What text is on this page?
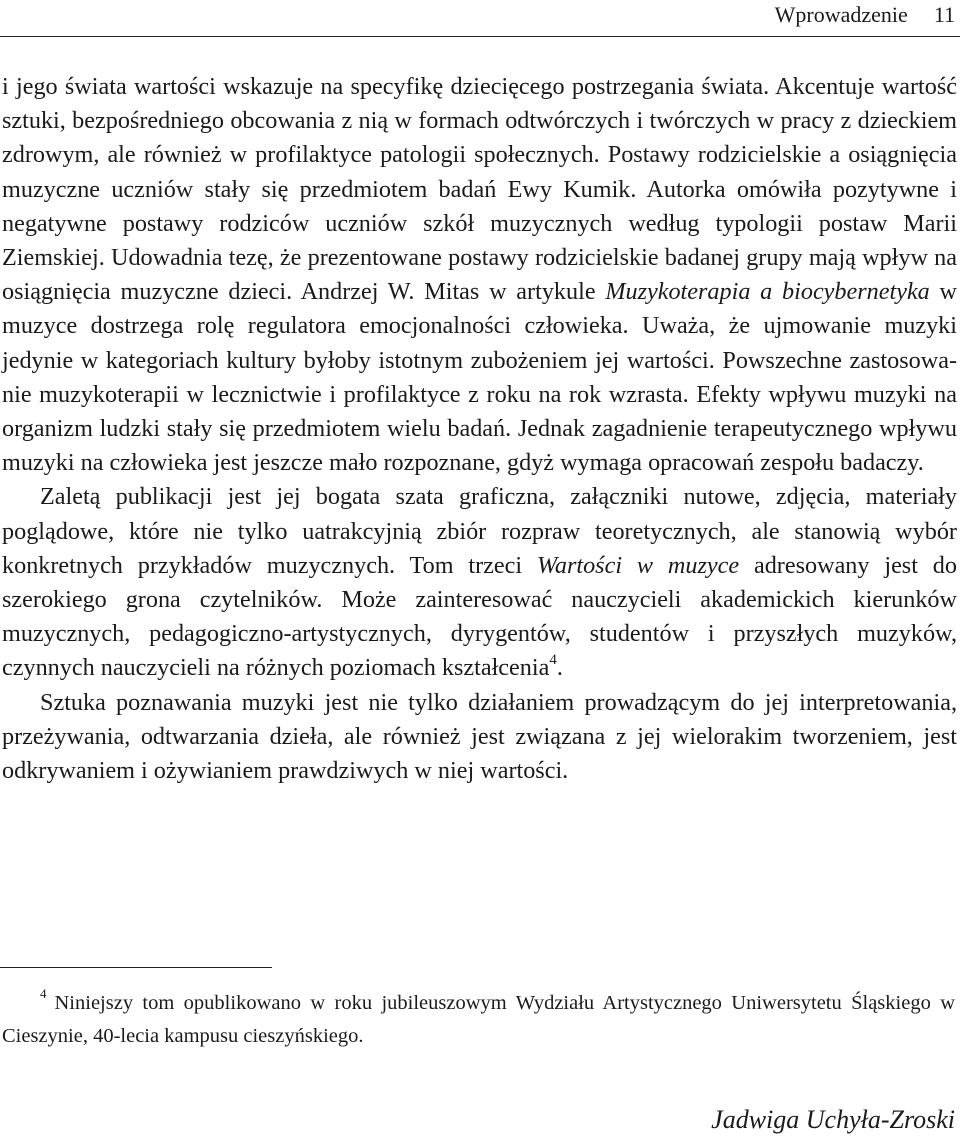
Wprowadzenie 11

i jego świata wartości wskazuje na specyfikę dziecięcego postrzegania świata. Akcentuje wartość sztuki, bezpośredniego obcowania z nią w formach odtwórczych i twórczych w pracy z dzieckiem zdrowym, ale również w profilaktyce patologii społecznych. Postawy rodzicielskie a osiągnięcia muzyczne uczniów stały się przedmiotem badań Ewy Kumik. Autorka omówiła pozytywne i negatywne postawy rodziców uczniów szkół muzycznych według typologii postaw Marii Ziemskiej. Udowadnia tezę, że prezentowane postawy rodzicielskie badanej grupy mają wpływ na osiągnięcia muzyczne dzieci. Andrzej W. Mitas w artykule Muzykoterapia a biocybernetyka w muzyce dostrzega rolę regulatora emocjonalności człowieka. Uważa, że ujmowanie muzyki jedynie w kategoriach kultury byłoby istotnym zubożeniem jej wartości. Powszechne zastosowanie muzykoterapii w lecznictwie i profilaktyce z roku na rok wzrasta. Efekty wpływu muzyki na organizm ludzki stały się przedmiotem wielu badań. Jednak zagadnienie terapeutycznego wpływu muzyki na człowieka jest jeszcze mało rozpoznane, gdyż wymaga opracowań zespołu badaczy.

Zaletą publikacji jest jej bogata szata graficzna, załączniki nutowe, zdjęcia, materiały poglądowe, które nie tylko uatrakcyjnią zbiór rozpraw teoretycznych, ale stanowią wybór konkretnych przykładów muzycznych. Tom trzeci Wartości w muzyce adresowany jest do szerokiego grona czytelników. Może zainteresować nauczycieli akademickich kierunków muzycznych, pedagogiczno-artystycznych, dyrygentów, studentów i przyszłych muzyków, czynnych nauczycieli na różnych poziomach kształcenia$^4$.

Sztuka poznawania muzyki jest nie tylko działaniem prowadzącym do jej interpretowania, przeżywania, odtwarzania dzieła, ale również jest związana z jej wielorakim tworzeniem, jest odkrywaniem i ożywianiem prawdziwych w niej wartości.

$^4$ Niniejszy tom opublikowano w roku jubileuszowym Wydziału Artystycznego Uniwersytetu Śląskiego w Cieszynie, 40-lecia kampusu cieszyńskiego.

Jadwiga Uchyła-Zroski
